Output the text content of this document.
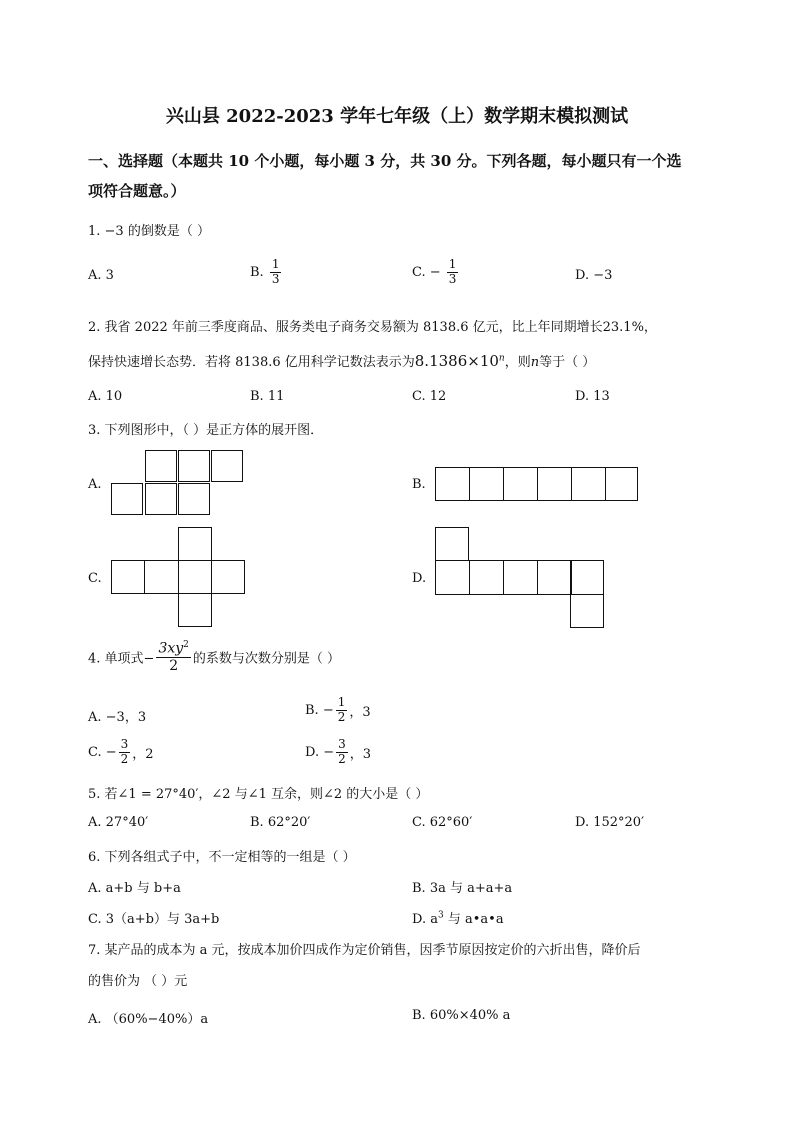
兴山县 2022-2023 学年七年级（上）数学期末模拟测试
一、选择题（本题共 10 个小题，每小题 3 分，共 30 分。下列各题，每小题只有一个选
项符合题意。）
1. −3 的倒数是（ ）
A. 3	B. $\frac{1}{3}$	C. − $\frac{1}{3}$	D. −3
2. 我省 2022 年前三季度商品、服务类电子商务交易额为 8138.6 亿元，比上年同期增长23.1%，
保持快速增长态势．若将 8138.6 亿用科学记数法表示为$8.1386\times 10^n$，则n等于（ ）
A. 10	B. 11	C. 12	D. 13
3. 下列图形中，（ ）是正方体的展开图．
A.	B.
C.	D.
4. 单项式− $\frac{3xy^2}{2}$ 的系数与次数分别是（ ）
A. −3，3	B. − $\frac{1}{2}$ ，3
C. − $\frac{3}{2}$ ，2	D. − $\frac{3}{2}$ ，3
5. 若∠1 = 27°40′，∠2 与∠1 互余，则∠2 的大小是（ ）
A. 27°40′	B. 62°20′	C. 62°60′	D. 152°20′
6. 下列各组式子中，不一定相等的一组是（ ）
A. a+b 与 b+a	B. 3a 与 a+a+a
C. 3（a+b）与 3a+b	D. $a^3$ 与 a•a•a
7. 某产品的成本为 a 元，按成本加价四成作为定价销售，因季节原因按定价的六折出售，降价后
的售价为 （ ）元
A. （60%−40%）a	B. 60%×40% a
